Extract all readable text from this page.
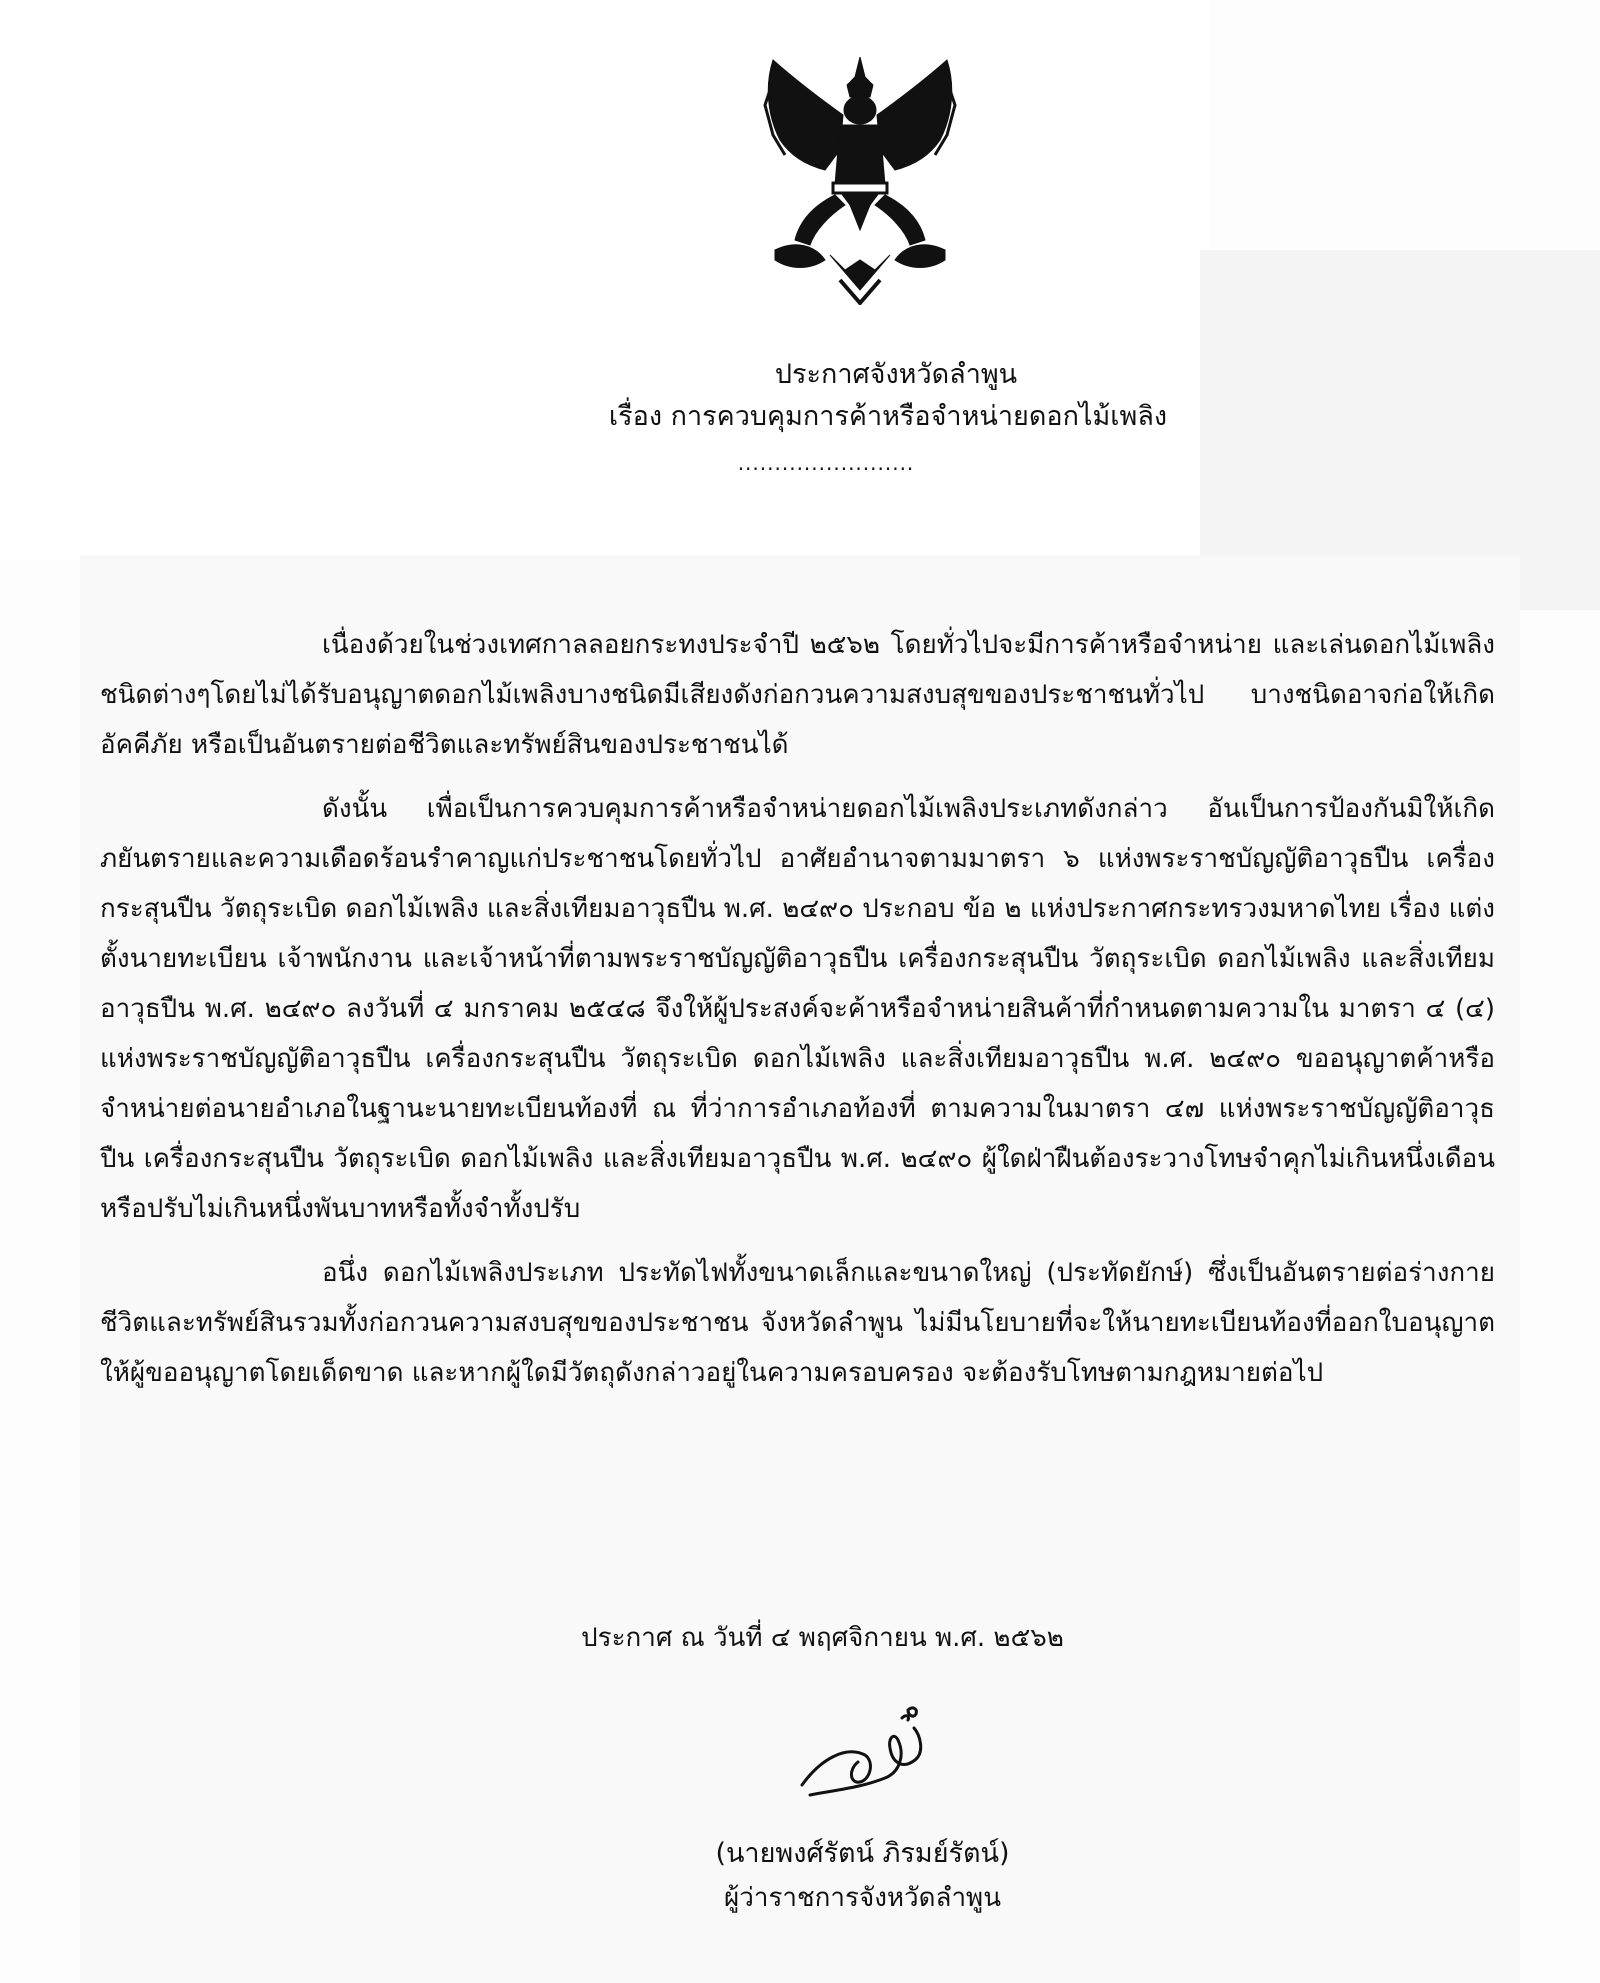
ประกาศจังหวัดลำพูน
เรื่อง การควบคุมการค้าหรือจำหน่ายดอกไม้เพลิง
........................

เนื่องด้วยในช่วงเทศกาลลอยกระทงประจำปี ๒๕๖๒ โดยทั่วไปจะมีการค้าหรือจำหน่าย และเล่นดอกไม้เพลิงชนิดต่างๆโดยไม่ได้รับอนุญาตดอกไม้เพลิงบางชนิดมีเสียงดังก่อกวนความสงบสุขของประชาชนทั่วไป บางชนิดอาจก่อให้เกิดอัคคีภัย หรือเป็นอันตรายต่อชีวิตและทรัพย์สินของประชาชนได้

ดังนั้น เพื่อเป็นการควบคุมการค้าหรือจำหน่ายดอกไม้เพลิงประเภทดังกล่าว อันเป็นการป้องกันมิให้เกิดภยันตรายและความเดือดร้อนรำคาญแก่ประชาชนโดยทั่วไป อาศัยอำนาจตามมาตรา ๖ แห่งพระราชบัญญัติอาวุธปืน เครื่องกระสุนปืน วัตถุระเบิด ดอกไม้เพลิง และสิ่งเทียมอาวุธปืน พ.ศ. ๒๔๙๐ ประกอบ ข้อ ๒ แห่งประกาศกระทรวงมหาดไทย เรื่อง แต่งตั้งนายทะเบียน เจ้าพนักงาน และเจ้าหน้าที่ตามพระราชบัญญัติอาวุธปืน เครื่องกระสุนปืน วัตถุระเบิด ดอกไม้เพลิง และสิ่งเทียมอาวุธปืน พ.ศ. ๒๔๙๐ ลงวันที่ ๔ มกราคม ๒๕๔๘ จึงให้ผู้ประสงค์จะค้าหรือจำหน่ายสินค้าที่กำหนดตามความใน มาตรา ๔ (๔) แห่งพระราชบัญญัติอาวุธปืน เครื่องกระสุนปืน วัตถุระเบิด ดอกไม้เพลิง และสิ่งเทียมอาวุธปืน พ.ศ. ๒๔๙๐ ขออนุญาตค้าหรือจำหน่ายต่อนายอำเภอในฐานะนายทะเบียนท้องที่ ณ ที่ว่าการอำเภอท้องที่ ตามความในมาตรา ๔๗ แห่งพระราชบัญญัติอาวุธปืน เครื่องกระสุนปืน วัตถุระเบิด ดอกไม้เพลิง และสิ่งเทียมอาวุธปืน พ.ศ. ๒๔๙๐ ผู้ใดฝ่าฝืนต้องระวางโทษจำคุกไม่เกินหนึ่งเดือนหรือปรับไม่เกินหนึ่งพันบาทหรือทั้งจำทั้งปรับ

อนึ่ง ดอกไม้เพลิงประเภท ประทัดไฟทั้งขนาดเล็กและขนาดใหญ่ (ประทัดยักษ์) ซึ่งเป็นอันตรายต่อร่างกาย ชีวิตและทรัพย์สินรวมทั้งก่อกวนความสงบสุขของประชาชน จังหวัดลำพูน ไม่มีนโยบายที่จะให้นายทะเบียนท้องที่ออกใบอนุญาตให้ผู้ขออนุญาตโดยเด็ดขาด และหากผู้ใดมีวัตถุดังกล่าวอยู่ในความครอบครอง จะต้องรับโทษตามกฎหมายต่อไป

ประกาศ ณ วันที่ ๔ พฤศจิกายน พ.ศ. ๒๕๖๒
(นายพงศ์รัตน์ ภิรมย์รัตน์)
ผู้ว่าราชการจังหวัดลำพูน
